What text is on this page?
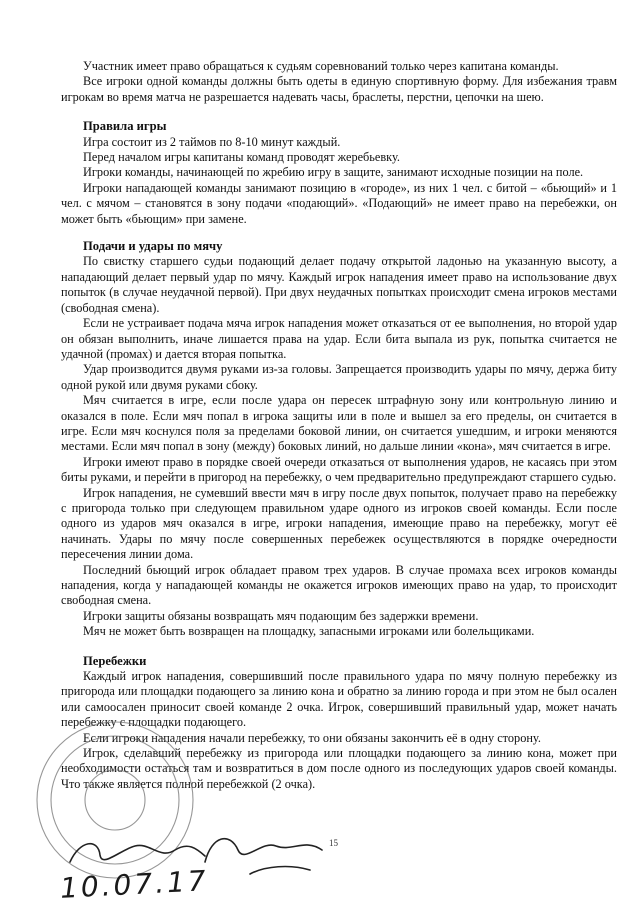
Участник имеет право обращаться к судьям соревнований только через капитана команды.

Все игроки одной команды должны быть одеты в единую спортивную форму. Для избежания травм игрокам во время матча не разрешается надевать часы, браслеты, перстни, цепочки на шею.

Правила игры

Игра состоит из 2 таймов по 8-10 минут каждый.

Перед началом игры капитаны команд проводят жеребьевку.

Игроки команды, начинающей по жребию игру в защите, занимают исходные позиции на поле.

Игроки нападающей команды занимают позицию в «городе», из них 1 чел. с битой – «бьющий» и 1 чел. с мячом – становятся в зону подачи «подающий». «Подающий» не имеет право на перебежки, он может быть «бьющим» при замене.

Подачи и удары по мячу

По свистку старшего судьи подающий делает подачу открытой ладонью на указанную высоту, а нападающий делает первый удар по мячу. Каждый игрок нападения имеет право на использование двух попыток (в случае неудачной первой). При двух неудачных попытках происходит смена игроков местами (свободная смена).

Если не устраивает подача мяча игрок нападения может отказаться от ее выполнения, но второй удар он обязан выполнить, иначе лишается права на удар. Если бита выпала из рук, попытка считается не удачной (промах) и дается вторая попытка.

Удар производится двумя руками из-за головы. Запрещается производить удары по мячу, держа биту одной рукой или двумя руками сбоку.

Мяч считается в игре, если после удара он пересек штрафную зону или контрольную линию и оказался в поле. Если мяч попал в игрока защиты или в поле и вышел за его пределы, он считается в игре. Если мяч коснулся поля за пределами боковой линии, он считается ушедшим, и игроки меняются местами. Если мяч попал в зону (между) боковых линий, но дальше линии «кона», мяч считается в игре.

Игроки имеют право в порядке своей очереди отказаться от выполнения ударов, не касаясь при этом биты руками, и перейти в пригород на перебежку, о чем предварительно предупреждают старшего судью.

Игрок нападения, не сумевший ввести мяч в игру после двух попыток, получает право на перебежку с пригорода только при следующем правильном ударе одного из игроков своей команды. Если после одного из ударов мяч оказался в игре, игроки нападения, имеющие право на перебежку, могут её начинать. Удары по мячу после совершенных перебежек осуществляются в порядке очередности пересечения линии дома.

Последний бьющий игрок обладает правом трех ударов. В случае промаха всех игроков команды нападения, когда у нападающей команды не окажется игроков имеющих право на удар, то происходит свободная смена.

Игроки защиты обязаны возвращать мяч подающим без задержки времени.

Мяч не может быть возвращен на площадку, запасными игроками или болельщиками.

Перебежки

Каждый игрок нападения, совершивший после правильного удара по мячу полную перебежку из пригорода или площадки подающего за линию кона и обратно за линию города и при этом не был осален или самоосален приносит своей команде 2 очка. Игрок, совершивший правильный удар, может начать перебежку с площадки подающего.

Если игроки нападения начали перебежку, то они обязаны закончить её в одну сторону.

Игрок, сделавший перебежку из пригорода или площадки подающего за линию кона, может при необходимости остаться там и возвратиться в дом после одного из последующих ударов своей команды. Что также является полной перебежкой (2 очка).

15
10.07.17
